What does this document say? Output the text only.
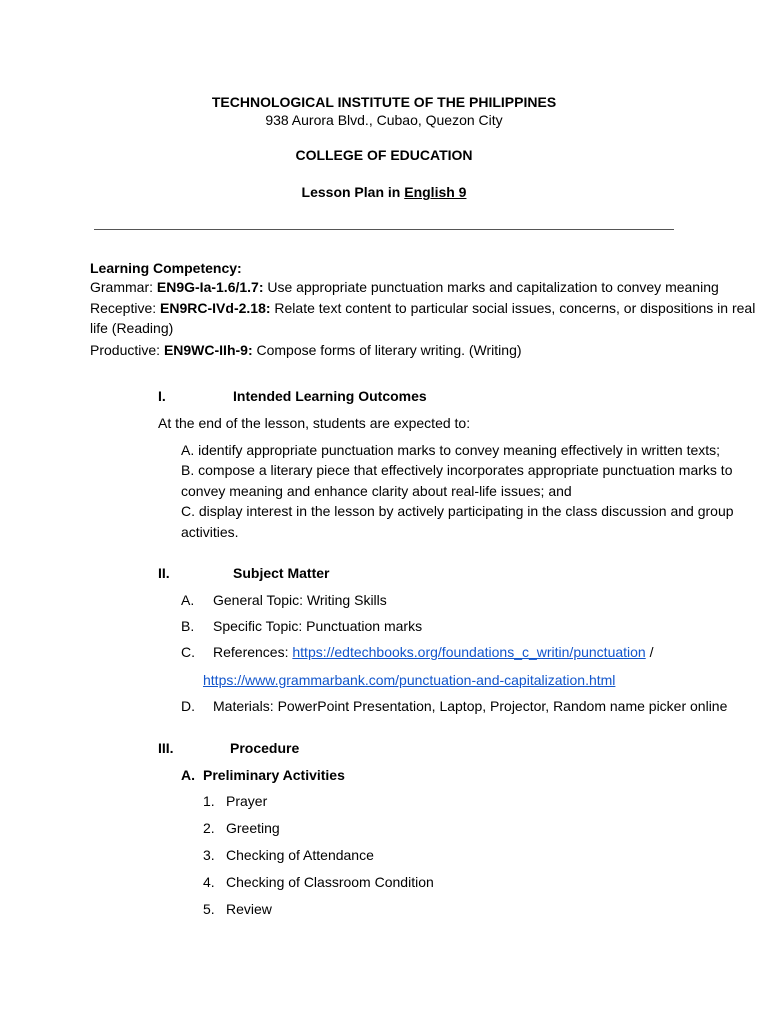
TECHNOLOGICAL INSTITUTE OF THE PHILIPPINES
938 Aurora Blvd., Cubao, Quezon City
COLLEGE OF EDUCATION
Lesson Plan in English 9
Learning Competency:
Grammar: EN9G-Ia-1.6/1.7: Use appropriate punctuation marks and capitalization to convey meaning
Receptive: EN9RC-IVd-2.18: Relate text content to particular social issues, concerns, or dispositions in real
life (Reading)
Productive: EN9WC-IIh-9: Compose forms of literary writing. (Writing)
I.	Intended Learning Outcomes
At the end of the lesson, students are expected to:
A. identify appropriate punctuation marks to convey meaning effectively in written texts;
B. compose a literary piece that effectively incorporates appropriate punctuation marks to
convey meaning and enhance clarity about real-life issues; and
C. display interest in the lesson by actively participating in the class discussion and group
activities.
II.	Subject Matter
A. General Topic: Writing Skills
B. Specific Topic: Punctuation marks
C. References: https://edtechbooks.org/foundations_c_writin/punctuation /
https://www.grammarbank.com/punctuation-and-capitalization.html
D. Materials: PowerPoint Presentation, Laptop, Projector, Random name picker online
III.	Procedure
A. Preliminary Activities
1. Prayer
2. Greeting
3. Checking of Attendance
4. Checking of Classroom Condition
5. Review
